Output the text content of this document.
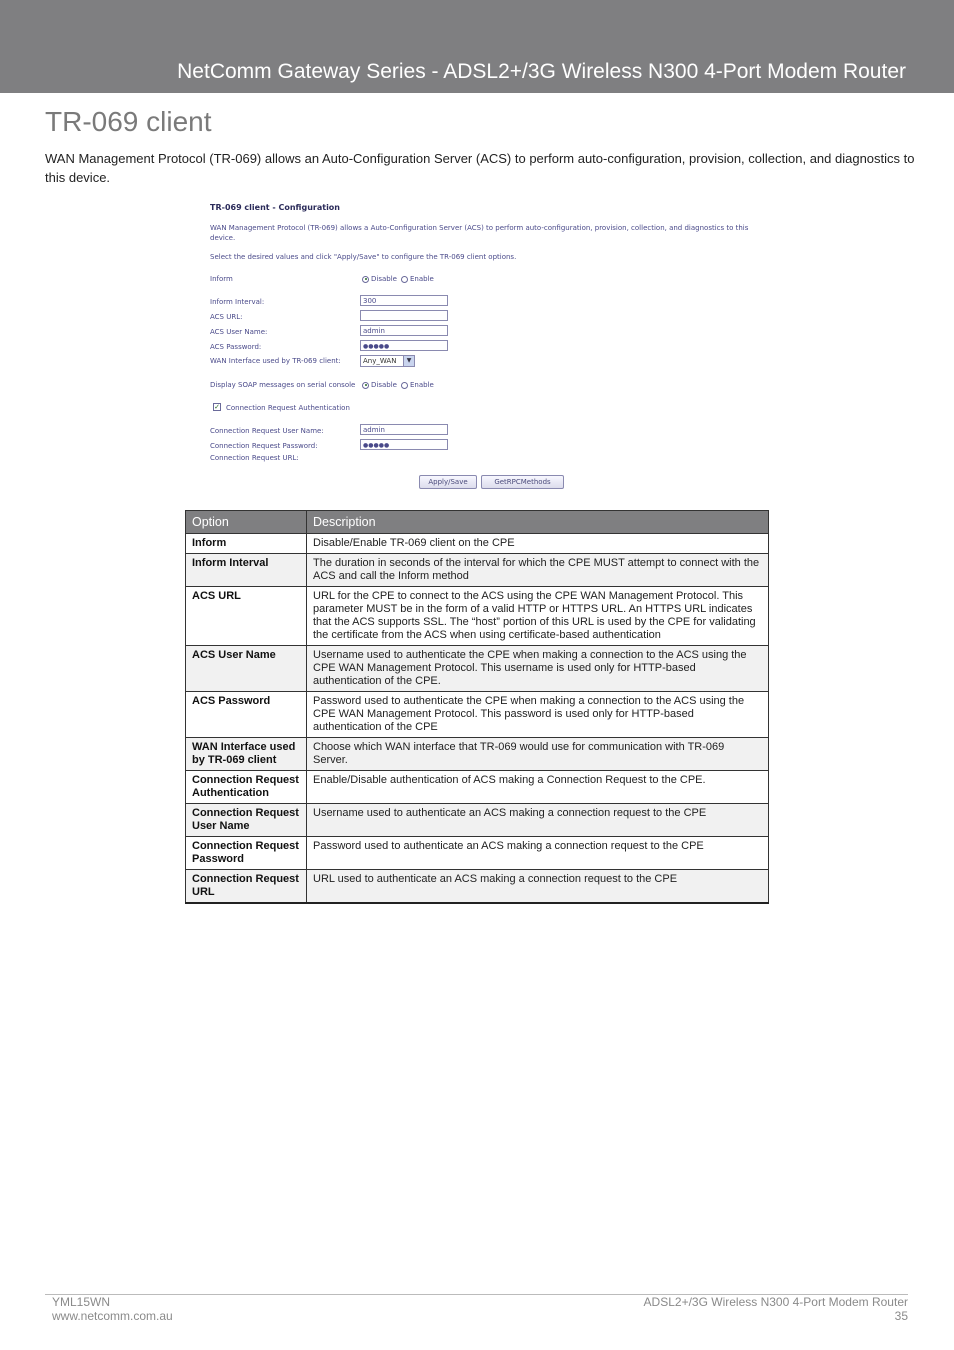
NetComm Gateway Series - ADSL2+/3G Wireless N300 4-Port Modem Router
TR-069 client
WAN Management Protocol (TR-069) allows an Auto-Configuration Server (ACS) to perform auto-configuration, provision, collection, and diagnostics to this device.
TR-069 client - Configuration
WAN Management Protocol (TR-069) allows a Auto-Configuration Server (ACS) to perform auto-configuration, provision, collection, and diagnostics to this device.
Select the desired values and click "Apply/Save" to configure the TR-069 client options.
Inform	Disable Enable
Inform Interval:	300
ACS URL:
ACS User Name:	admin
ACS Password:	●●●●●
WAN Interface used by TR-069 client:	Any_WAN	▼
Display SOAP messages on serial console Disable Enable
✓ Connection Request Authentication
Connection Request User Name:	admin
Connection Request Password:	●●●●●
Connection Request URL:
Apply/Save	GetRPCMethods
Option	Description
Inform	Disable/Enable TR-069 client on the CPE
Inform Interval	The duration in seconds of the interval for which the CPE MUST attempt to connect with the ACS and call the Inform method
ACS URL	URL for the CPE to connect to the ACS using the CPE WAN Management Protocol. This parameter MUST be in the form of a valid HTTP or HTTPS URL. An HTTPS URL indicates that the ACS supports SSL. The “host” portion of this URL is used by the CPE for validating the certificate from the ACS when using certificate-based authentication
ACS User Name	Username used to authenticate the CPE when making a connection to the ACS using the CPE WAN Management Protocol. This username is used only for HTTP-based authentication of the CPE.
ACS Password	Password used to authenticate the CPE when making a connection to the ACS using the CPE WAN Management Protocol. This password is used only for HTTP-based authentication of the CPE
WAN Interface used by TR-069 client	Choose which WAN interface that TR-069 would use for communication with TR-069 Server.
Connection Request Authentication	Enable/Disable authentication of ACS making a Connection Request to the CPE.
Connection Request User Name	Username used to authenticate an ACS making a connection request to the CPE
Connection Request Password	Password used to authenticate an ACS making a connection request to the CPE
Connection Request URL	URL used to authenticate an ACS making a connection request to the CPE
YML15WN
www.netcomm.com.au
ADSL2+/3G Wireless N300 4-Port Modem Router
35
